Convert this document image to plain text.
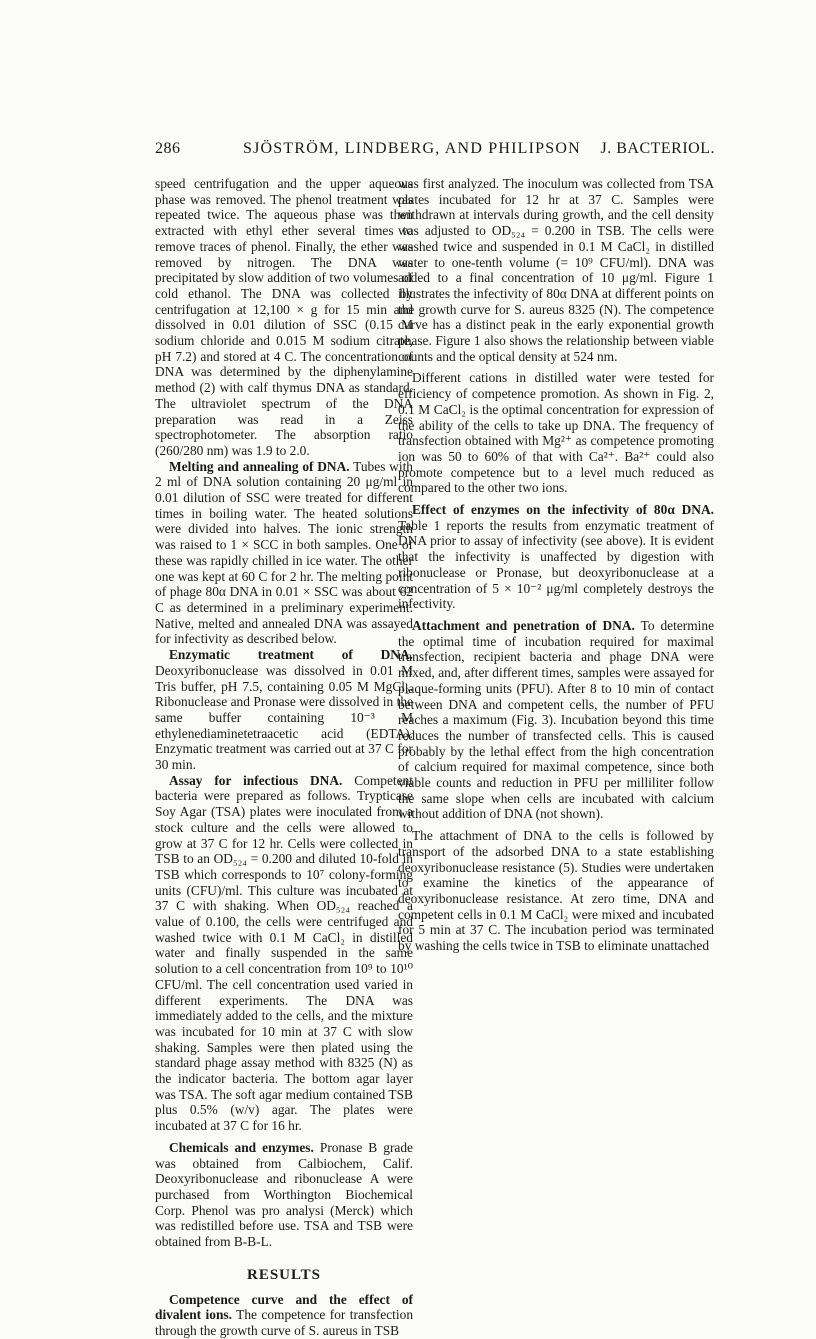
286	SJÖSTRÖM, LINDBERG, AND PHILIPSON J. BACTERIOL.

speed centrifugation and the upper aqueous phase was removed. The phenol treatment was repeated twice. The aqueous phase was then extracted with ethyl ether several times to remove traces of phenol. Finally, the ether was removed by nitrogen. The DNA was precipitated by slow addition of two volumes of cold ethanol. The DNA was collected by centrifugation at 12,100 × g for 15 min and dissolved in 0.01 dilution of SSC (0.15 M sodium chloride and 0.015 M sodium citrate, pH 7.2) and stored at 4 C. The concentration of DNA was determined by the diphenylamine method (2) with calf thymus DNA as standard. The ultraviolet spectrum of the DNA preparation was read in a Zeiss spectrophotometer. The absorption ratio (260/280 nm) was 1.9 to 2.0.

Melting and annealing of DNA. Tubes with 2 ml of DNA solution containing 20 μg/ml in 0.01 dilution of SSC were treated for different times in boiling water. The heated solutions were divided into halves. The ionic strength was raised to 1 × SCC in both samples. One of these was rapidly chilled in ice water. The other one was kept at 60 C for 2 hr. The melting point of phage 80α DNA in 0.01 × SSC was about 62 C as determined in a preliminary experiment. Native, melted and annealed DNA was assayed for infectivity as described below.

Enzymatic treatment of DNA. Deoxyribonuclease was dissolved in 0.01 M Tris buffer, pH 7.5, containing 0.05 M MgCl₂. Ribonuclease and Pronase were dissolved in the same buffer containing 10⁻³ M ethylenediaminetetraacetic acid (EDTA). Enzymatic treatment was carried out at 37 C for 30 min.

Assay for infectious DNA. Competent bacteria were prepared as follows. Trypticase Soy Agar (TSA) plates were inoculated from a stock culture and the cells were allowed to grow at 37 C for 12 hr. Cells were collected in TSB to an OD₅₂₄ = 0.200 and diluted 10-fold in TSB which corresponds to 10⁷ colony-forming units (CFU)/ml. This culture was incubated at 37 C with shaking. When OD₅₂₄ reached a value of 0.100, the cells were centrifuged and washed twice with 0.1 M CaCl₂ in distilled water and finally suspended in the same solution to a cell concentration from 10⁹ to 10¹⁰ CFU/ml. The cell concentration used varied in different experiments. The DNA was immediately added to the cells, and the mixture was incubated for 10 min at 37 C with slow shaking. Samples were then plated using the standard phage assay method with 8325 (N) as the indicator bacteria. The bottom agar layer was TSA. The soft agar medium contained TSB plus 0.5% (w/v) agar. The plates were incubated at 37 C for 16 hr.

Chemicals and enzymes. Pronase B grade was obtained from Calbiochem, Calif. Deoxyribonuclease and ribonuclease A were purchased from Worthington Biochemical Corp. Phenol was pro analysi (Merck) which was redistilled before use. TSA and TSB were obtained from B-B-L.

RESULTS

Competence curve and the effect of divalent ions. The competence for transfection through the growth curve of S. aureus in TSB

was first analyzed. The inoculum was collected from TSA plates incubated for 12 hr at 37 C. Samples were withdrawn at intervals during growth, and the cell density was adjusted to OD₅₂₄ = 0.200 in TSB. The cells were washed twice and suspended in 0.1 M CaCl₂ in distilled water to one-tenth volume (= 10⁹ CFU/ml). DNA was added to a final concentration of 10 μg/ml. Figure 1 illustrates the infectivity of 80α DNA at different points on the growth curve for S. aureus 8325 (N). The competence curve has a distinct peak in the early exponential growth phase. Figure 1 also shows the relationship between viable counts and the optical density at 524 nm.

Different cations in distilled water were tested for efficiency of competence promotion. As shown in Fig. 2, 0.1 M CaCl₂ is the optimal concentration for expression of the ability of the cells to take up DNA. The frequency of transfection obtained with Mg²⁺ as competence promoting ion was 50 to 60% of that with Ca²⁺. Ba²⁺ could also promote competence but to a level much reduced as compared to the other two ions.

Effect of enzymes on the infectivity of 80α DNA. Table 1 reports the results from enzymatic treatment of DNA prior to assay of infectivity (see above). It is evident that the infectivity is unaffected by digestion with ribonuclease or Pronase, but deoxyribonuclease at a concentration of 5 × 10⁻² μg/ml completely destroys the infectivity.

Attachment and penetration of DNA. To determine the optimal time of incubation required for maximal transfection, recipient bacteria and phage DNA were mixed, and, after different times, samples were assayed for plaque-forming units (PFU). After 8 to 10 min of contact between DNA and competent cells, the number of PFU reaches a maximum (Fig. 3). Incubation beyond this time reduces the number of transfected cells. This is caused probably by the lethal effect from the high concentration of calcium required for maximal competence, since both viable counts and reduction in PFU per milliliter follow the same slope when cells are incubated with calcium without addition of DNA (not shown).

The attachment of DNA to the cells is followed by transport of the adsorbed DNA to a state establishing deoxyribonuclease resistance (5). Studies were undertaken to examine the kinetics of the appearance of deoxyribonuclease resistance. At zero time, DNA and competent cells in 0.1 M CaCl₂ were mixed and incubated for 5 min at 37 C. The incubation period was terminated by washing the cells twice in TSB to eliminate unattached
